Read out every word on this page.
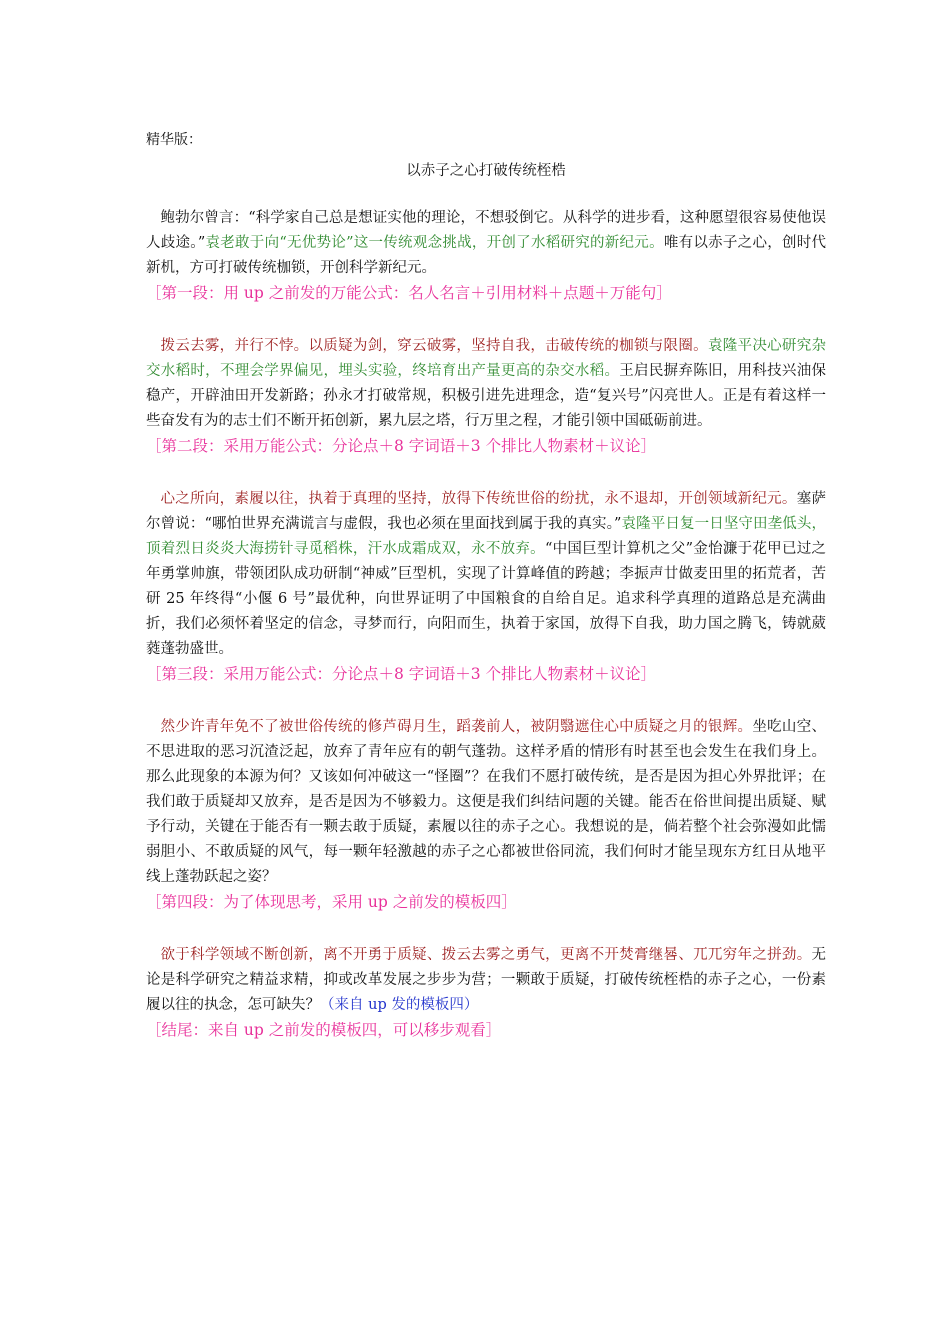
精华版：

以赤子之心打破传统桎梏

鲍勃尔曾言：“科学家自己总是想证实他的理论，不想驳倒它。从科学的进步看，这种愿望很容易使他误人歧途。”袁老敢于向“无优势论”这一传统观念挑战，开创了水稻研究的新纪元。唯有以赤子之心，创时代新机，方可打破传统枷锁，开创科学新纪元。

［第一段：用 up 之前发的万能公式：名人名言＋引用材料＋点题＋万能句］

拨云去雾，并行不悖。以质疑为剑，穿云破雾，坚持自我，击破传统的枷锁与限圈。袁隆平决心研究杂交水稻时，不理会学界偏见，埋头实验，终培育出产量更高的杂交水稻。王启民摒弃陈旧，用科技兴油保稳产，开辟油田开发新路；孙永才打破常规，积极引进先进理念，造“复兴号”闪亮世人。正是有着这样一些奋发有为的志士们不断开拓创新，累九层之塔，行万里之程，才能引领中国砥砺前进。

［第二段：采用万能公式：分论点＋8 字词语＋3 个排比人物素材＋议论］

心之所向，素履以往，执着于真理的坚持，放得下传统世俗的纷扰，永不退却，开创领域新纪元。塞萨尔曾说：“哪怕世界充满谎言与虚假，我也必须在里面找到属于我的真实。”袁隆平日复一日坚守田垄低头，顶着烈日炎炎大海捞针寻觅稻株，汗水成霜成双，永不放弃。“中国巨型计算机之父”金怡濂于花甲已过之年勇掌帅旗，带领团队成功研制“神威”巨型机，实现了计算峰值的跨越；李振声廿做麦田里的拓荒者，苦研 25 年终得“小偃 6 号”最优种，向世界证明了中国粮食的自给自足。追求科学真理的道路总是充满曲折，我们必须怀着坚定的信念，寻梦而行，向阳而生，执着于家国，放得下自我，助力国之腾飞，铸就葳蕤蓬勃盛世。

［第三段：采用万能公式：分论点＋8 字词语＋3 个排比人物素材＋议论］

然少许青年免不了被世俗传统的修芦碍月生，蹈袭前人，被阴翳遮住心中质疑之月的银辉。坐吃山空、不思进取的恶习沉渣泛起，放弃了青年应有的朝气蓬勃。这样矛盾的情形有时甚至也会发生在我们身上。那么此现象的本源为何？又该如何冲破这一“怪圈”？在我们不愿打破传统，是否是因为担心外界批评；在我们敢于质疑却又放弃，是否是因为不够毅力。这便是我们纠结问题的关键。能否在俗世间提出质疑、赋予行动，关键在于能否有一颗去敢于质疑，素履以往的赤子之心。我想说的是，倘若整个社会弥漫如此懦弱胆小、不敢质疑的风气，每一颗年轻激越的赤子之心都被世俗同流，我们何时才能呈现东方红日从地平线上蓬勃跃起之姿？

［第四段：为了体现思考，采用 up 之前发的模板四］

欲于科学领域不断创新，离不开勇于质疑、拨云去雾之勇气，更离不开焚膏继晷、兀兀穷年之拼劲。无论是科学研究之精益求精，抑或改革发展之步步为营；一颗敢于质疑，打破传统桎梏的赤子之心，一份素履以往的执念，怎可缺失？（来自 up 发的模板四）

［结尾：来自 up 之前发的模板四，可以移步观看］
